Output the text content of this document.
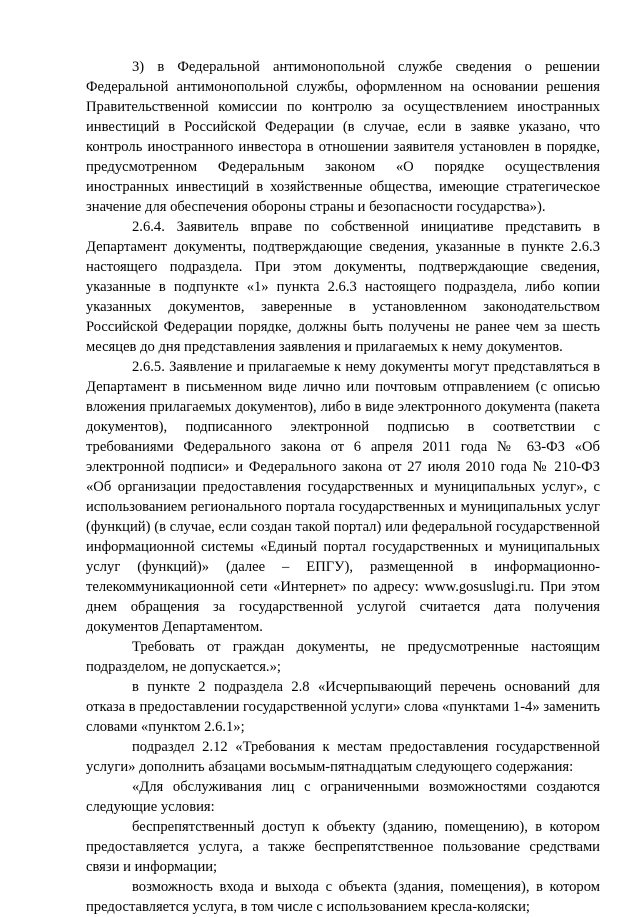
3) в Федеральной антимонопольной службе сведения о решении Федеральной антимонопольной службы, оформленном на основании решения Правительственной комиссии по контролю за осуществлением иностранных инвестиций в Российской Федерации (в случае, если в заявке указано, что контроль иностранного инвестора в отношении заявителя установлен в порядке, предусмотренном Федеральным законом «О порядке осуществления иностранных инвестиций в хозяйственные общества, имеющие стратегическое значение для обеспечения обороны страны и безопасности государства»).

2.6.4. Заявитель вправе по собственной инициативе представить в Департамент документы, подтверждающие сведения, указанные в пункте 2.6.3 настоящего подраздела. При этом документы, подтверждающие сведения, указанные в подпункте «1» пункта 2.6.3 настоящего подраздела, либо копии указанных документов, заверенные в установленном законодательством Российской Федерации порядке, должны быть получены не ранее чем за шесть месяцев до дня представления заявления и прилагаемых к нему документов.

2.6.5. Заявление и прилагаемые к нему документы могут представляться в Департамент в письменном виде лично или почтовым отправлением (с описью вложения прилагаемых документов), либо в виде электронного документа (пакета документов), подписанного электронной подписью в соответствии с требованиями Федерального закона от 6 апреля 2011 года № 63-ФЗ «Об электронной подписи» и Федерального закона от 27 июля 2010 года № 210-ФЗ «Об организации предоставления государственных и муниципальных услуг», с использованием регионального портала государственных и муниципальных услуг (функций) (в случае, если создан такой портал) или федеральной государственной информационной системы «Единый портал государственных и муниципальных услуг (функций)» (далее – ЕПГУ), размещенной в информационно-телекоммуникационной сети «Интернет» по адресу: www.gosuslugi.ru. При этом днем обращения за государственной услугой считается дата получения документов Департаментом.

Требовать от граждан документы, не предусмотренные настоящим подразделом, не допускается.»;

в пункте 2 подраздела 2.8 «Исчерпывающий перечень оснований для отказа в предоставлении государственной услуги» слова «пунктами 1-4» заменить словами «пунктом 2.6.1»;

подраздел 2.12 «Требования к местам предоставления государственной услуги» дополнить абзацами восьмым-пятнадцатым следующего содержания:

«Для обслуживания лиц с ограниченными возможностями создаются следующие условия:

беспрепятственный доступ к объекту (зданию, помещению), в котором предоставляется услуга, а также беспрепятственное пользование средствами связи и информации;

возможность входа и выхода с объекта (здания, помещения), в котором предоставляется услуга, в том числе с использованием кресла-коляски;
